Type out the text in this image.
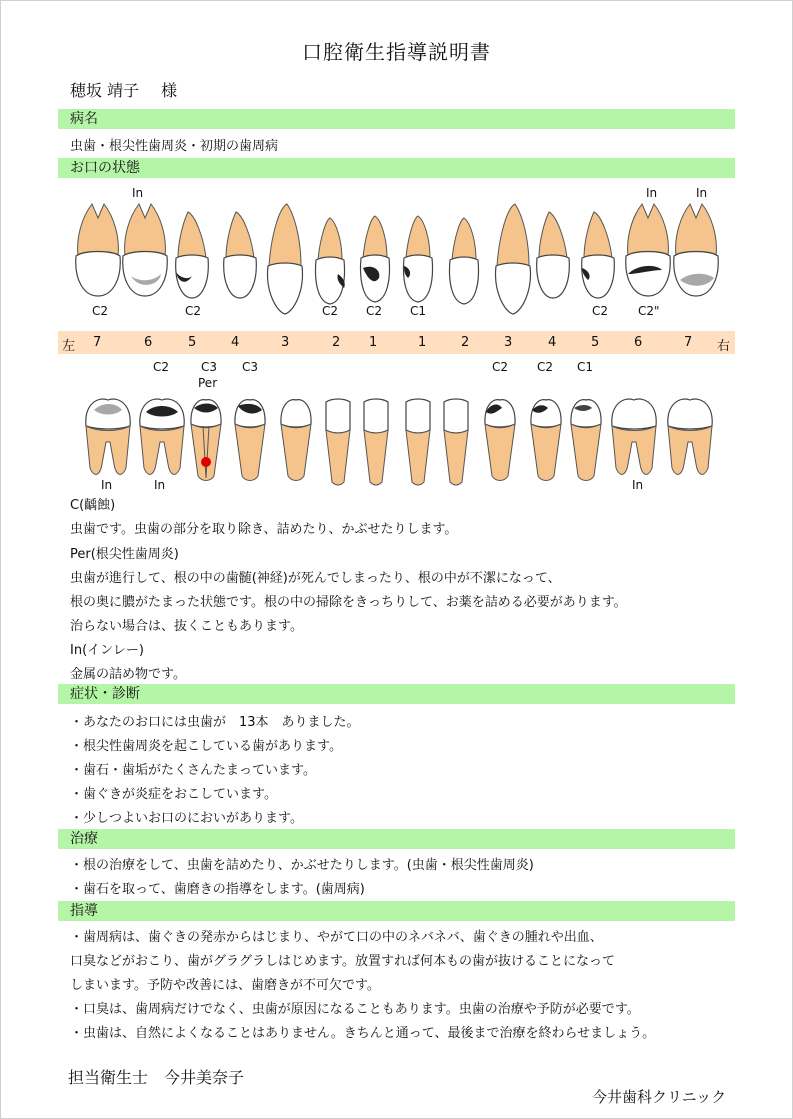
口腔衛生指導説明書
穂坂 靖子 様
病名
虫歯・根尖性歯周炎・初期の歯周病
お口の状態
In	In	In
C2	C2	C2 C2 C1	C2 C2"
左 7	6	5	4	3	2 1	1	2	3	4	5	6	7 右
C2	C3 C3
Per
C2 C2 C1
In	In	In
C(齲蝕)
虫歯です。虫歯の部分を取り除き、詰めたり、かぶせたりします。
Per(根尖性歯周炎)
虫歯が進行して、根の中の歯髄(神経)が死んでしまったり、根の中が不潔になって、
根の奥に膿がたまった状態です。根の中の掃除をきっちりして、お薬を詰める必要があります。
治らない場合は、抜くこともあります。
In(インレー)
金属の詰め物です。
症状・診断
・あなたのお口には虫歯が　13本　ありました。
・根尖性歯周炎を起こしている歯があります。
・歯石・歯垢がたくさんたまっています。
・歯ぐきが炎症をおこしています。
・少しつよいお口のにおいがあります。
治療
・根の治療をして、虫歯を詰めたり、かぶせたりします。(虫歯・根尖性歯周炎)
・歯石を取って、歯磨きの指導をします。(歯周病)
指導
・歯周病は、歯ぐきの発赤からはじまり、やがて口の中のネバネバ、歯ぐきの腫れや出血、
口臭などがおこり、歯がグラグラしはじめます。放置すれば何本もの歯が抜けることになって
しまいます。予防や改善には、歯磨きが不可欠です。
・口臭は、歯周病だけでなく、虫歯が原因になることもあります。虫歯の治療や予防が必要です。
・虫歯は、自然によくなることはありません。きちんと通って、最後まで治療を終わらせましょう。
担当衛生士　今井美奈子
今井歯科クリニック
